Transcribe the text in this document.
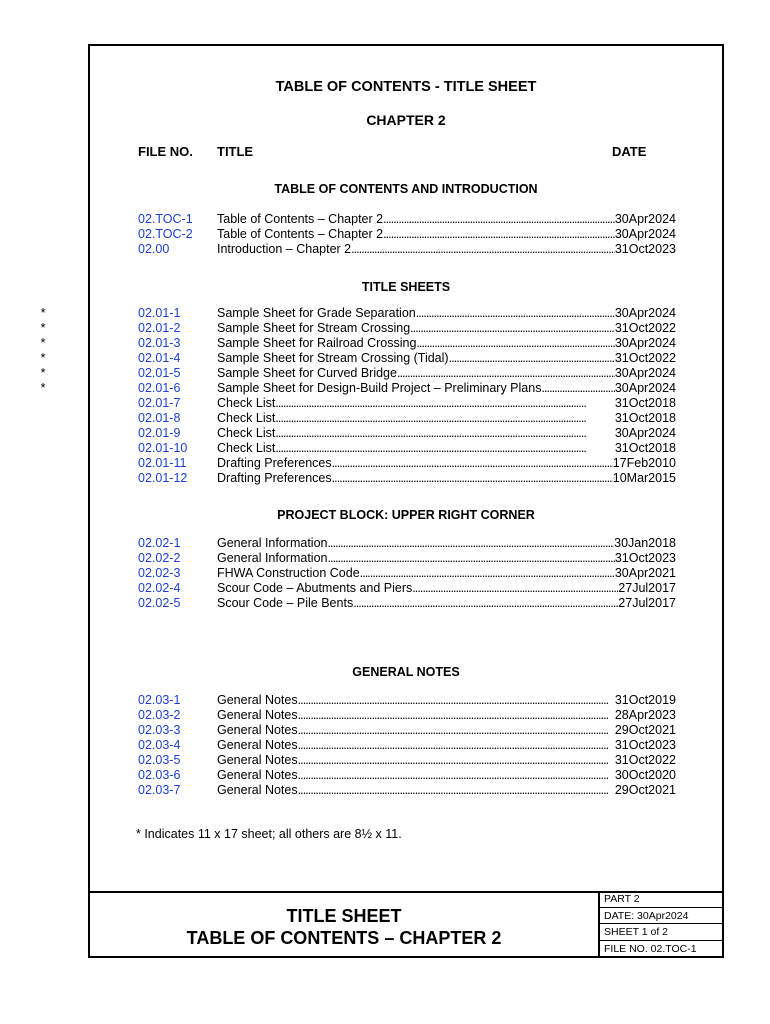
TABLE OF CONTENTS - TITLE SHEET
CHAPTER 2
FILE NO. TITLE	DATE
TABLE OF CONTENTS AND INTRODUCTION
02.TOC-1 Table of Contents – Chapter 2 . . .	30Apr2024
02.TOC-2 Table of Contents – Chapter 2 . . .	30Apr2024
02.00	Introduction – Chapter 2 . . .	31Oct2023
TITLE SHEETS
*	02.01-1	Sample Sheet for Grade Separation . . .	30Apr2024
*	02.01-2	Sample Sheet for Stream Crossing . . .	31Oct2022
*	02.01-3	Sample Sheet for Railroad Crossing . . .	30Apr2024
*	02.01-4	Sample Sheet for Stream Crossing (Tidal) . . .	31Oct2022
*	02.01-5	Sample Sheet for Curved Bridge . . .	30Apr2024
*	02.01-6	Sample Sheet for Design-Build Project – Preliminary Plans . . .	30Apr2024
02.01-7	Check List . . .	31Oct2018
02.01-8	Check List . . .	31Oct2018
02.01-9	Check List . . .	30Apr2024
02.01-10 Check List . . .	31Oct2018
02.01-11 Drafting Preferences . . .	17Feb2010
02.01-12 Drafting Preferences . . .	10Mar2015
PROJECT BLOCK: UPPER RIGHT CORNER
02.02-1	General Information . . .	30Jan2018
02.02-2	General Information . . .	31Oct2023
02.02-3	FHWA Construction Code . . .	30Apr2021
02.02-4	Scour Code – Abutments and Piers . . .	27Jul2017
02.02-5	Scour Code – Pile Bents . . .	27Jul2017
GENERAL NOTES
02.03-1	General Notes . . .	31Oct2019
02.03-2	General Notes . . .	28Apr2023
02.03-3	General Notes . . .	29Oct2021
02.03-4	General Notes . . .	31Oct2023
02.03-5	General Notes . . .	31Oct2022
02.03-6	General Notes . . .	30Oct2020
02.03-7	General Notes . . .	29Oct2021
* Indicates 11 x 17 sheet; all others are 8½ x 11.
TITLE SHEET
TABLE OF CONTENTS – CHAPTER 2
PART 2
DATE: 30Apr2024
SHEET 1 of 2
FILE NO. 02.TOC-1
